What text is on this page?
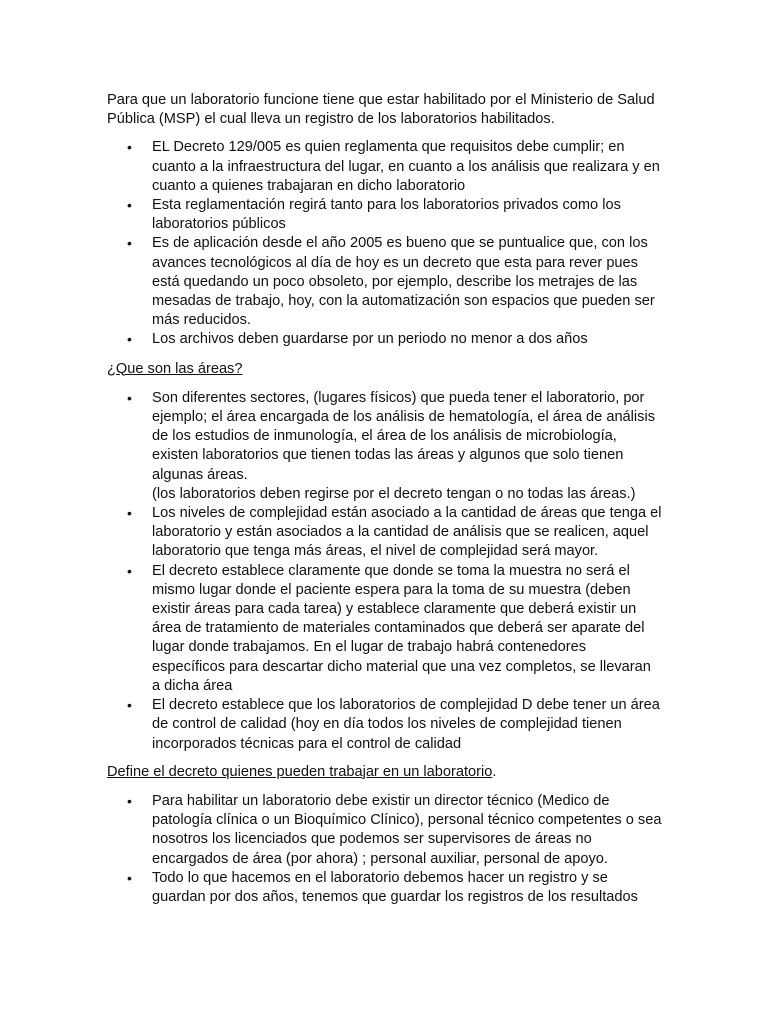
Para que un laboratorio funcione tiene que estar habilitado por el Ministerio de Salud Pública (MSP) el cual lleva un registro de los laboratorios habilitados.

• EL Decreto 129/005 es quien reglamenta que requisitos debe cumplir; en cuanto a la infraestructura del lugar, en cuanto a los análisis que realizara y en cuanto a quienes trabajaran en dicho laboratorio
• Esta reglamentación regirá tanto para los laboratorios privados como los laboratorios públicos
• Es de aplicación desde el año 2005 es bueno que se puntualice que, con los avances tecnológicos al día de hoy es un decreto que esta para rever pues está quedando un poco obsoleto, por ejemplo, describe los metrajes de las mesadas de trabajo, hoy, con la automatización son espacios que pueden ser más reducidos.
• Los archivos deben guardarse por un periodo no menor a dos años

¿Que son las áreas?

• Son diferentes sectores, (lugares físicos) que pueda tener el laboratorio, por ejemplo; el área encargada de los análisis de hematología, el área de análisis de los estudios de inmunología, el área de los análisis de microbiología, existen laboratorios que tienen todas las áreas y algunos que solo tienen algunas áreas.
(los laboratorios deben regirse por el decreto tengan o no todas las áreas.)
• Los niveles de complejidad están asociado a la cantidad de áreas que tenga el laboratorio y están asociados a la cantidad de análisis que se realicen, aquel laboratorio que tenga más áreas, el nivel de complejidad será mayor.
• El decreto establece claramente que donde se toma la muestra no será el mismo lugar donde el paciente espera para la toma de su muestra (deben existir áreas para cada tarea) y establece claramente que deberá existir un área de tratamiento de materiales contaminados que deberá ser aparate del lugar donde trabajamos. En el lugar de trabajo habrá contenedores específicos para descartar dicho material que una vez completos, se llevaran a dicha área
• El decreto establece que los laboratorios de complejidad D debe tener un área de control de calidad (hoy en día todos los niveles de complejidad tienen incorporados técnicas para el control de calidad

Define el decreto quienes pueden trabajar en un laboratorio.

• Para habilitar un laboratorio debe existir un director técnico (Medico de patología clínica o un Bioquímico Clínico), personal técnico competentes o sea nosotros los licenciados que podemos ser supervisores de áreas no encargados de área (por ahora) ; personal auxiliar, personal de apoyo.
• Todo lo que hacemos en el laboratorio debemos hacer un registro y se guardan por dos años, tenemos que guardar los registros de los resultados
